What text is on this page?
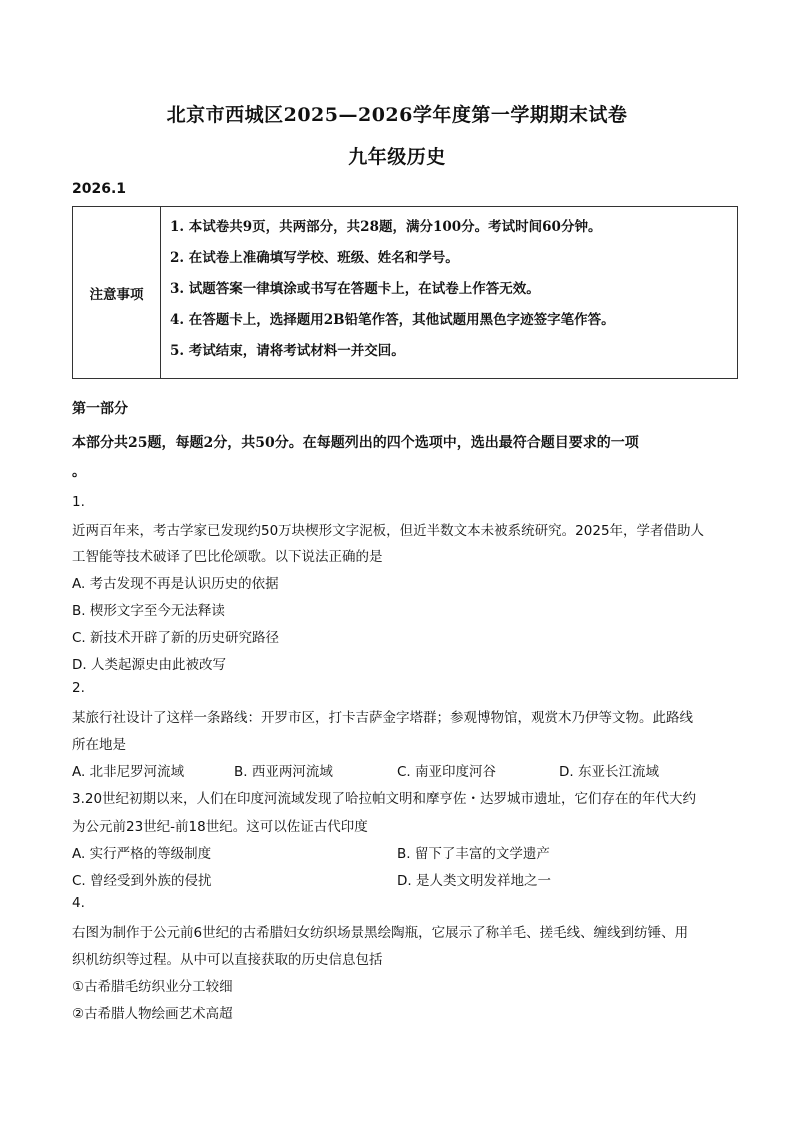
北京市西城区2025—2026学年度第一学期期末试卷
九年级历史
2026.1
注意事项
1. 本试卷共9页，共两部分，共28题，满分100分。考试时间60分钟。
2. 在试卷上准确填写学校、班级、姓名和学号。
3. 试题答案一律填涂或书写在答题卡上，在试卷上作答无效。
4. 在答题卡上，选择题用2B铅笔作答，其他试题用黑色字迹签字笔作答。
5. 考试结束，请将考试材料一并交回。
第一部分
本部分共25题，每题2分，共50分。在每题列出的四个选项中，选出最符合题目要求的一项
。
1.
近两百年来，考古学家已发现约50万块楔形文字泥板，但近半数文本未被系统研究。2025年，学者借助人
工智能等技术破译了巴比伦颂歌。以下说法正确的是
A. 考古发现不再是认识历史的依据
B. 楔形文字至今无法释读
C. 新技术开辟了新的历史研究路径
D. 人类起源史由此被改写
2.
某旅行社设计了这样一条路线：开罗市区，打卡吉萨金字塔群；参观博物馆，观赏木乃伊等文物。此路线
所在地是
A. 北非尼罗河流域	B. 西亚两河流域	C. 南亚印度河谷	D. 东亚长江流域
3.20世纪初期以来，人们在印度河流域发现了哈拉帕文明和摩亨佐・达罗城市遗址，它们存在的年代大约
为公元前23世纪-前18世纪。这可以佐证古代印度
A. 实行严格的等级制度	B. 留下了丰富的文学遗产
C. 曾经受到外族的侵扰	D. 是人类文明发祥地之一
4.
右图为制作于公元前6世纪的古希腊妇女纺织场景黑绘陶瓶，它展示了称羊毛、搓毛线、缠线到纺锤、用
织机纺织等过程。从中可以直接获取的历史信息包括
①古希腊毛纺织业分工较细
②古希腊人物绘画艺术高超
